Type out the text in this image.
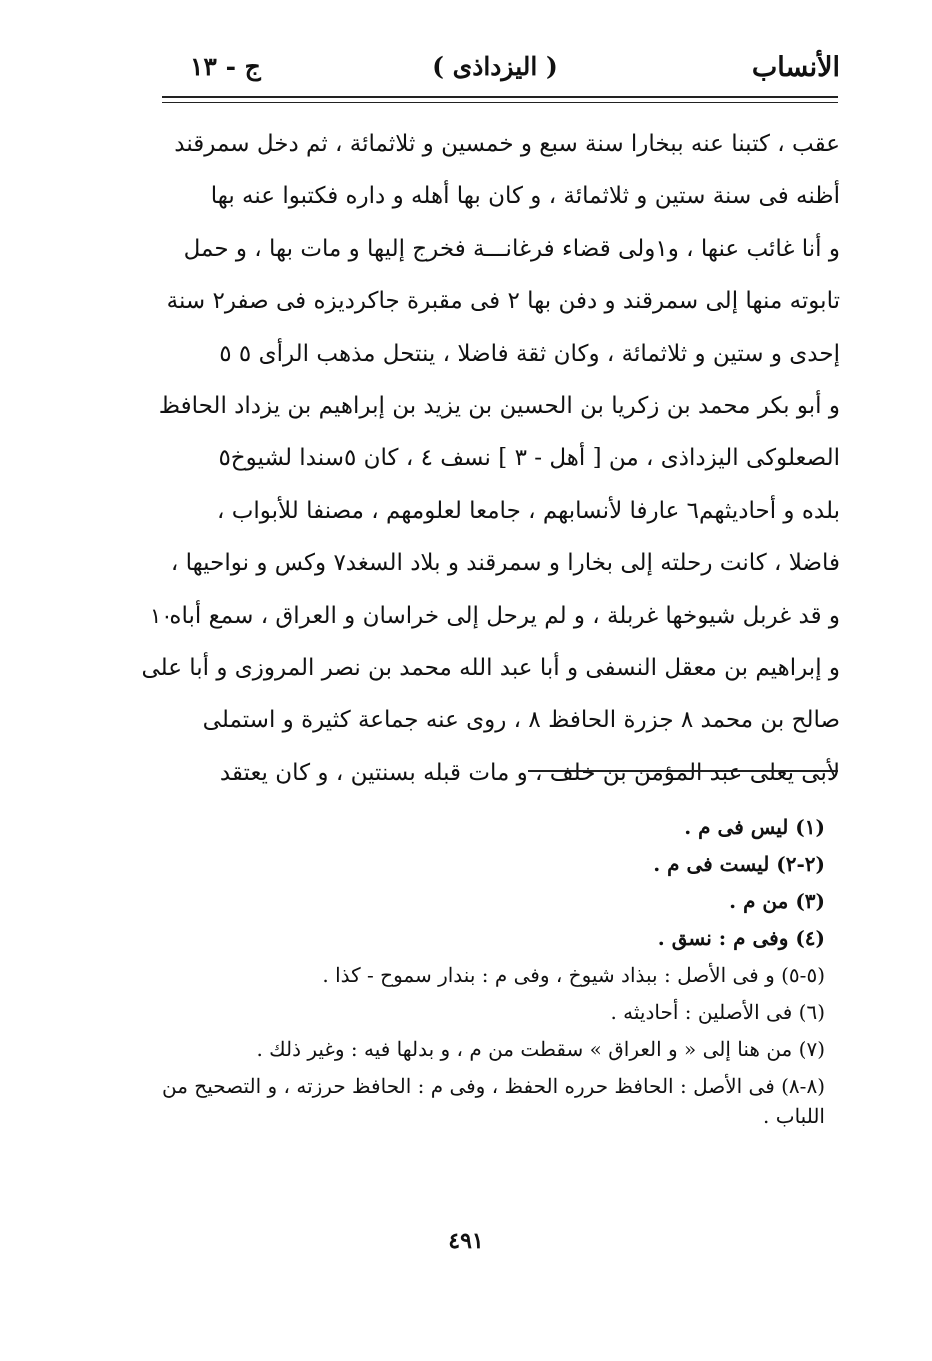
الأنساب
( اليزداذى )
ج - ١٣
عقب ، كتبنا عنه ببخارا سنة سبع و خمسين و ثلاثمائة ، ثم دخل سمرقند
أظنه فى سنة ستين و ثلاثمائة ، و كان بها أهله و داره فكتبوا عنه بها
و أنا غائب عنها ، و١ولى قضاء فرغانـــة فخرج إليها و مات بها ، و حمل
تابوته منها إلى سمرقند و دفن بها ٢ فى مقبرة جاكرديزه فى صفر٢ سنة
إحدى و ستين و ثلاثمائة ، وكان ثقة فاضلا ، ينتحل مذهب الرأى ٥ ٥
و أبو بكر محمد بن زكريا بن الحسين بن يزيد بن إبراهيم بن يزداد الحافظ
الصعلوكى اليزداذى ، من [ أهل - ٣ ] نسف ٤ ، كان ٥سندا لشيوخ٥
بلده و أحاديثهم٦ عارفا لأنسابهم ، جامعا لعلومهم ، مصنفا للأبواب ،
فاضلا ، كانت رحلته إلى بخارا و سمرقند و بلاد السغد٧ وكس و نواحيها ،
و قد غربل شيوخها غربلة ، و لم يرحل إلى خراسان و العراق ، سمع أباه
١٠
و إبراهيم بن معقل النسفى و أبا عبد الله محمد بن نصر المروزى و أبا على
صالح بن محمد ٨ جزرة الحافظ ٨ ، روى عنه جماعة كثيرة و استملى
لأبى يعلى عبد المؤمن بن خلف ، و مات قبله بسنتين ، و كان يعتقد
(١) ليس فى م .
(٢-٢) ليست فى م .
(٣) من م .
(٤) وفى م : نسق .
(٥-٥) و فى الأصل : ببذاد شيوخ ، وفى م : بندار سموح - كذا .
(٦) فى الأصلين : أحاديثه .
(٧) من هنا إلى « و العراق » سقطت من م ، و بدلها فيه : وغير ذلك .
(٨-٨) فى الأصل : الحافظ حرره الحفظ ، وفى م : الحافظ حرزته ، و التصحيح من اللباب .
٤٩١
